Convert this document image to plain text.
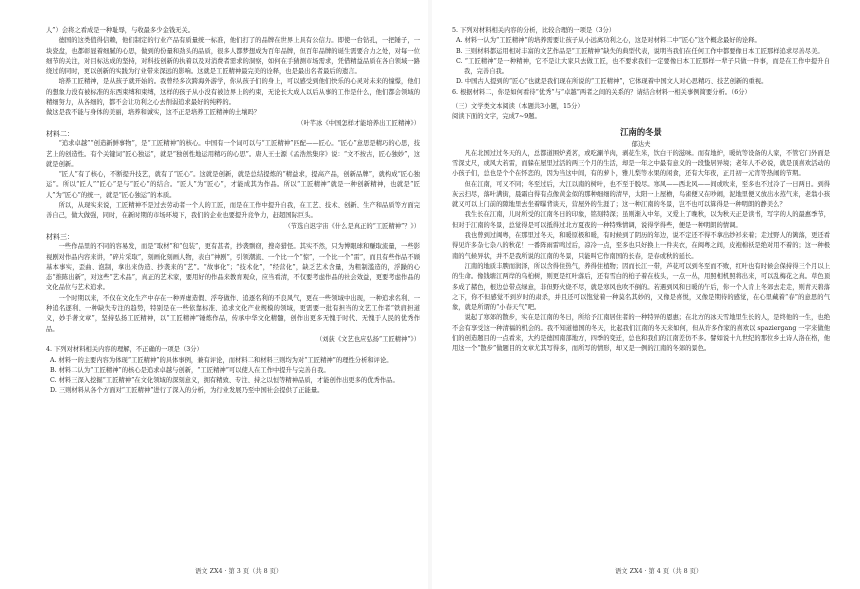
人”）会将之看成是一种耻辱，与收最多少金钱无关。

德国的这类值得信赖，他们制定的行业产品有质量统一标准，他们打了的品牌在世界上具有公信力。即使一台钻孔，一把锤子，一块瓷盘，也都彰显着细腻的心思，做到的份量和劲头的品质，很多人都梦想成为百年品牌，但百年品牌的诞生需要合力之处，对每一位细节的关注，对目标达成的坚持，对科技创新的执着以及对消费者需求的洞察，如何在手猜测市场需求，凭借精益品质在各自领域一路绕过的同时，更以创新的实践为行业带来深远的影响。这就是工匠精神最完美的诠释，也是最出名者最后的遗言。

培养工匠精神，是从孩子就开始的。我曾经多次跨海外游学，你从孩子们的身上，可以感受到他们快乐的心灵对未来的憧憬，他们的想象力没有被标准的东西束缚和束缚，这样的孩子从小没有被边界上的约束，无论长大成人以后从事的工作是什么，他们都会领域的精细努力，从各细的，都不会让功利之心去削弱追求最好的纯粹的。

做这是我不能与身体的美丽，培养和诚实，这不正是培养工匠精神的土壤吗？

（叶芊冰《中国怎样才能培养出工匠精神》）

材料二：

“追求卓越”“创造新鲜事物”，是“工匠精神”的核心。中国有一个词可以与“工匠精神”匹配——匠心。“匠心”意思是精巧的心思，技艺上的创造性。有个关键词“匠心独运”，就是“独创性地运用精巧的心思”。唐人王士源《孟浩然集序》说：“文不按古，匠心独妙”，这就是创新。

“匠人”有了核心，不断提升技艺，就有了“匠心”。这就是创新，就是总结提炼的“精益求，提高产品，创新品牌”，就构成“匠心独运”。所以“匠人”“匠心”是与“匠心”的结合。“匠人”为“匠心”，才能成其为作品。所以“工匠精神”就是一种创新精神，也就是“匠人”为“匠心”的统一，就是“匠心独运”的本质。

所以，从现实来说，工匠精神不是过去劳动者一个人的工匠，而是在工作中提升自我，在工艺、技术、创新、生产和品质等方面完善自己，做大做强，同时，在新时期的市场环境下，我们的企业也要提升竞争力，赶超国际巨头。

（节选自迟宇宙《什么是真正的“工匠精神”？》）

材料三：

一些作品里的不同的容易发，而是“取材”和“包装”，更有甚者，抄袭剽窃，搜奇猎怪。其实不然，只为博眼球和赚取流量，一些影视剧对作品内容来讲，“碎片采取”，刻画化刻画人物，表白“神剧”，引领潮流、一个比一个“惊”，一个比一个“雷”，而且有些作品不顾基本事实，歪曲、泡制，拿出来伪造、抄袭来的“艺”。“故事化”；“技术化”，“经营化”，缺乏艺术含量，为粗制滥造的，浮躁的心态“推陈出新”，对这些“艺术品”，真正的艺术家，要用好的作品来教育观众，应当看清，不仅要考虑作品的社会效益，更要考虑作品的文化品位与艺术追求。

一个时期以来，不仅在文化生产中存在一种弄虚造假、浮夸做作、追逐名利的不良风气，更在一些领域中出现，一种追求名利、一种追名逐利、一种缺失专注的趋势，特别是在一些依靠标准、追求文化产业规模的领域，更需要一批有担当的文艺工作者“铁肩担道义，妙手著文章”，坚持弘扬工匠精神，以“工匠精神”锤炼作品，传承中华文化精髓，创作出更多无愧于时代、无愧于人民的优秀作品。

（刘荻《文艺也应弘扬“工匠精神”》）

4. 下列对材料相关内容的理解，不正确的一项是（3分）

A. 材料一的主要内容为体现“工匠精神”的具体事例，兼有评论，而材料二和材料三则均为对“工匠精神”的理性分析和评论。

B. 材料二认为“工匠精神”的核心是追求卓越与创新，“工匠精神”可以使人在工作中提升与完善自我。

C. 材料三深入挖掘“工匠精神”在文化领域的深刻意义，拥有精致、专注、持之以恒等精神品质，才能创作出更多的优秀作品。

D. 三则材料从各个方面对“工匠精神”进行了深入的分析，为行业发展乃至中国社会提供了正能量。

语文 ZX4 · 第 3 页（共 8 页）

5. 下列对材料相关内容的分析，比较合理的一项是（3分）

A. 材料一认为“工匠精神”的培养需要让孩子从小远离功利之心，这是对材料二中“匠心”这个概念最好的诠释。

B. 三则材料都运用相对丰富的文艺作品是“工匠精神”缺失的典型代表，说明当我们在任何工作中都要像日本工匠那样追求尽善尽美。

C. “工匠精神”是一种精神，它不是让大家只去做工匠，也不要求我们一定要像日本工匠那样一辈子只做一件事，而是在工作中提升自我，完善自我。

D. 中国古人提到的“匠心”也就是我们现在所说的“工匠精神”，它体现着中国文人对心思精巧、技艺创新的重视。

6. 根据材料二，你是如何看待“优秀”与“卓越”两者之间的关系的？请结合材料一相关事例简要分析。（6分）

（三）文学类文本阅读（本题共3小题，15分）

阅读下面的文字，完成7~9题。

江南的冬景
郁达夫

凡在北国过过冬天的人，总都道围炉煮茗，或吃涮羊肉，剥花生米，饮白干的滋味。而有地炉，暖炕等设备的人家，不管它门外面是雪深丈尺，或风大若雷，而躲在屋里过活的两三个月的生活，却是一年之中最有意义的一段蛰居异境；老年人不必说，就是顶喜欢活动的小孩子们，总也是个个在怀恋的，因为当这中间，有的萝卜，雅儿梨等水果的闲食，还有大年夜，正月初一元宵等热闹的节期。

但在江南，可又不同；冬至过后，大江以南的树叶，也不至于脱尽。寒风——西北风——间或吹来，至多也不过冷了一日两日。到得灰云扫尽，落叶满街，晨霜白得有点像黄金似的那种细细的清早，太阳一上屋檐，鸟雀便又在吵闹，泥地里便又放出水蒸气来，老翁小孩就又可以上门前的隙地里去坐着曝背谈天，营屋外的生涯了；这一种江南的冬景，岂不也可以算得是一种明朗的静美么？

我生长在江南，儿时所受的江南冬日的印象，铭刻特深；虽则渐入中年，又爱上了晚秋，以为秋天正是读书，写字的人的最惠季节，但对于江南的冬景，总觉得是可以抵得过北方夏夜的一种特殊情调，说得学得些，便是一种明朗的情调。

我也曾到过闽粤，在那里过冬天，和暖原极和暖，有时候到了阴历的年边，说不定还不得不拿出纱衫来着；走过野人的篱落，更还看得见许多杂七杂八的秋花！一番阵雨雷鸣过后，凉冷一点，至多也只好换上一件夹衣，在闽粤之间，皮袍棉袄是绝对用不着的；这一种极南的气候异状，并不是我所说的江南的冬景，只能叫它作南国的长春，是春或秋的延长。

江南的地质丰腴而润泽，所以含得住热气，养得住植物；因而长江一带，芦花可以到冬至而不败，红叶也有时候会保持得三个月以上的生命。像钱塘江两岸的乌桕树，则更是红叶落后，还有雪白的桕子着在枝头，一点一丛，用照相机照将出来，可以乱梅花之真。草色顶多成了赭色，根边总带点绿意，非但野火烧不尽，就是寒风也吹不倒的。若遇到风和日暖的午后，你一个人肯上冬郊去走走，则青天碧落之下，你不但感觉不到岁时的肃杀，并且还可以饱觉着一种莫名其妙的，又像是喜悦，又像是期待的感觉，在心里藏着“春”的意思的气象，就是所谓的“小春天气”吧。

说起了寒郊的散步，实在是江南的冬日，所给予江南居住者的一种特异的恩惠；在北方的冰天雪地里生长的人，是终他的一生，也绝不会有享受这一种清福的机会的。我不知道德国的冬天，比起我们江南的冬天来如何，但从许多作家的喜欢以 spaziergang 一字来做他们的创造题目的一点看来，大约是德国南部地方，四季的变迁，总也和我们的江南差仿不多。譬如说十九世纪的那位乡土诗人洛在格，他用这一个“散步”做题目的文章尤其写得多，而所写的情形，却又是一例的江南的冬郊的景色。

语文 ZX4 · 第 4 页（共 8 页）
